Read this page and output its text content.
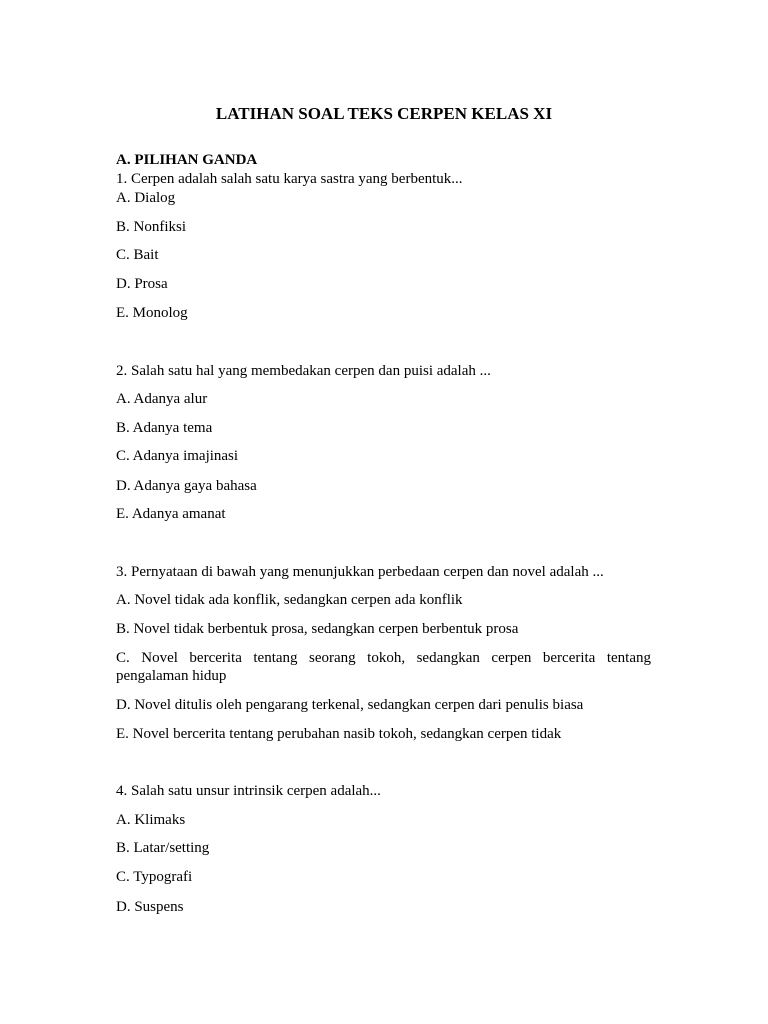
LATIHAN SOAL TEKS CERPEN KELAS XI
A. PILIHAN GANDA
1. Cerpen adalah salah satu karya sastra yang berbentuk...
A. Dialog
B. Nonfiksi
C. Bait
D. Prosa
E. Monolog
2. Salah satu hal yang membedakan cerpen dan puisi adalah ...
A. Adanya alur
B. Adanya tema
C. Adanya imajinasi
D. Adanya gaya bahasa
E. Adanya amanat
3. Pernyataan di bawah yang menunjukkan perbedaan cerpen dan novel adalah ...
A. Novel tidak ada konflik, sedangkan cerpen ada konflik
B. Novel tidak berbentuk prosa, sedangkan cerpen berbentuk prosa
C. Novel bercerita tentang seorang tokoh, sedangkan cerpen bercerita tentang pengalaman hidup
D. Novel ditulis oleh pengarang terkenal, sedangkan cerpen dari penulis biasa
E. Novel bercerita tentang perubahan nasib tokoh, sedangkan cerpen tidak
4. Salah satu unsur intrinsik cerpen adalah...
A. Klimaks
B. Latar/setting
C. Typografi
D. Suspens
